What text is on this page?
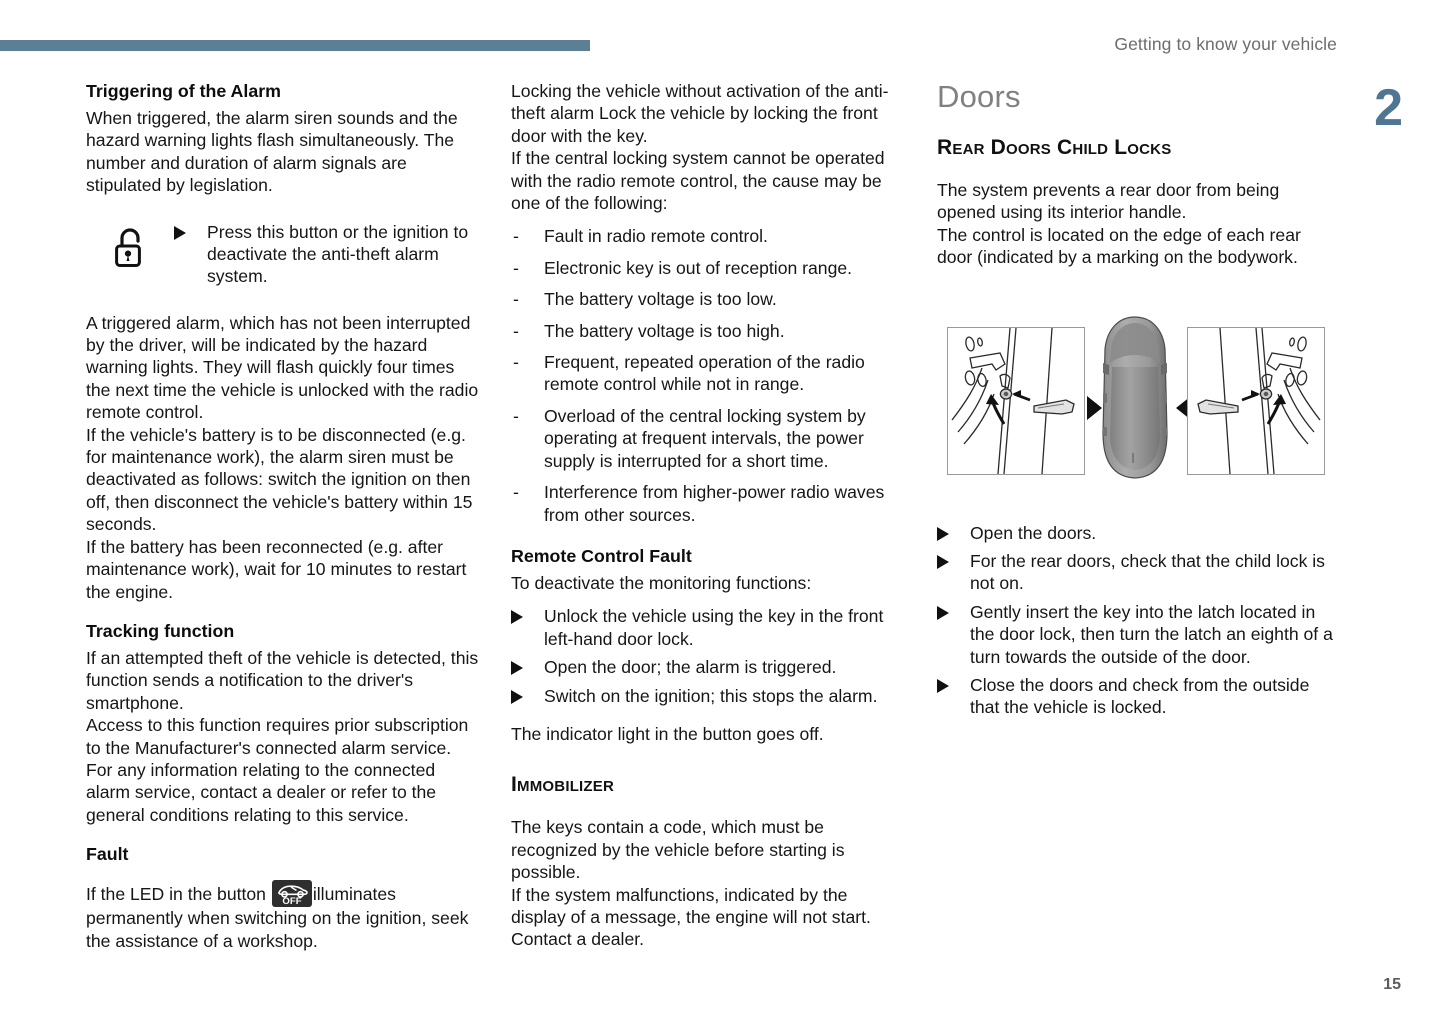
Getting to know your vehicle
2
15
Triggering of the Alarm

When triggered, the alarm siren sounds and the hazard warning lights flash simultaneously. The number and duration of alarm signals are stipulated by legislation.

Press this button or the ignition to deactivate the anti-theft alarm system.

A triggered alarm, which has not been interrupted by the driver, will be indicated by the hazard warning lights. They will flash quickly four times the next time the vehicle is unlocked with the radio remote control.

If the vehicle's battery is to be disconnected (e.g. for maintenance work), the alarm siren must be deactivated as follows: switch the ignition on then off, then disconnect the vehicle's battery within 15 seconds.

If the battery has been reconnected (e.g. after maintenance work), wait for 10 minutes to restart the engine.

Tracking function

If an attempted theft of the vehicle is detected, this function sends a notification to the driver's smartphone.

Access to this function requires prior subscription to the Manufacturer's connected alarm service.

For any information relating to the connected alarm service, contact a dealer or refer to the general conditions relating to this service.

Fault
If the LED in the button OFF illuminates permanently when switching on the ignition, seek the assistance of a workshop.

Locking the vehicle without activation of the anti-theft alarm Lock the vehicle by locking the front door with the key.

If the central locking system cannot be operated with the radio remote control, the cause may be one of the following:

- Fault in radio remote control.
- Electronic key is out of reception range.
- The battery voltage is too low.
- The battery voltage is too high.
- Frequent, repeated operation of the radio remote control while not in range.
- Overload of the central locking system by operating at frequent intervals, the power supply is interrupted for a short time.
- Interference from higher-power radio waves from other sources.
Remote Control Fault

To deactivate the monitoring functions:

Unlock the vehicle using the key in the front left-hand door lock.
Open the door; the alarm is triggered.
Switch on the ignition; this stops the alarm.

The indicator light in the button goes off.

Immobilizer

The keys contain a code, which must be recognized by the vehicle before starting is possible.

If the system malfunctions, indicated by the display of a message, the engine will not start.

Contact a dealer.

Doors
Rear Doors Child Locks

The system prevents a rear door from being opened using its interior handle.

The control is located on the edge of each rear door (indicated by a marking on the bodywork.

Open the doors.
For the rear doors, check that the child lock is not on.
Gently insert the key into the latch located in the door lock, then turn the latch an eighth of a turn towards the outside of the door.
Close the doors and check from the outside that the vehicle is locked.
